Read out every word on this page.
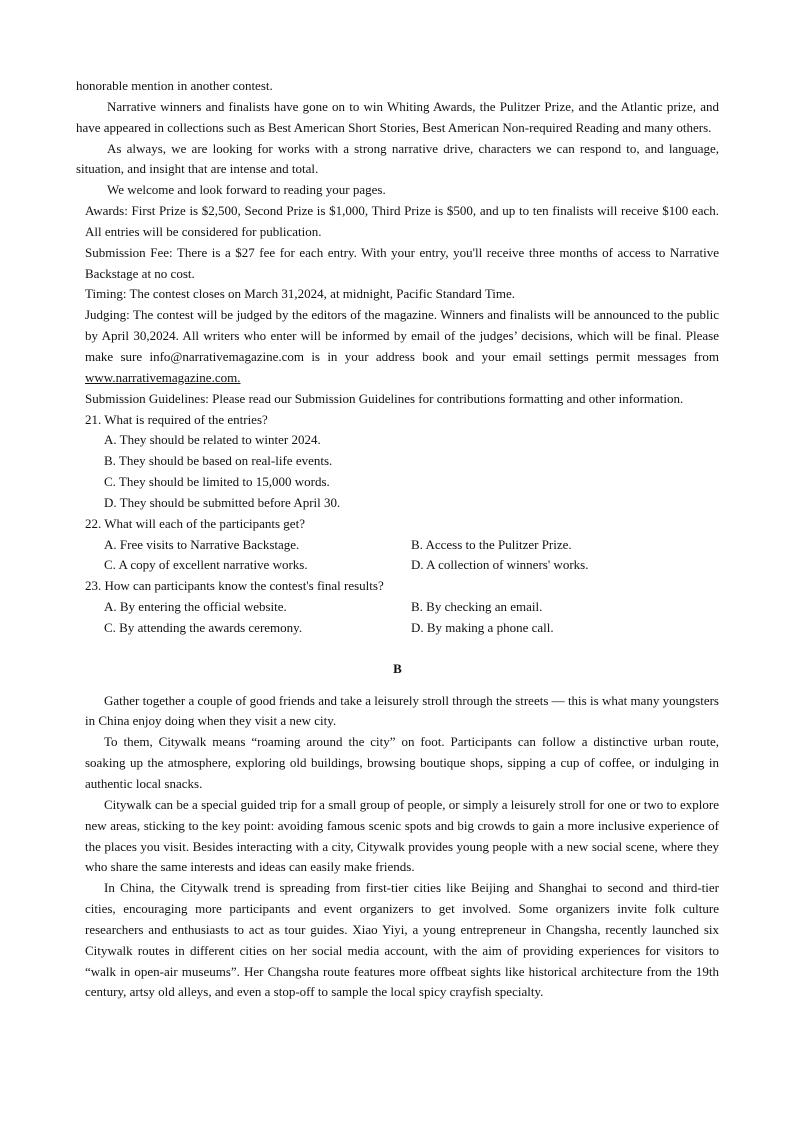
honorable mention in another contest.

Narrative winners and finalists have gone on to win Whiting Awards, the Pulitzer Prize, and the Atlantic prize, and have appeared in collections such as Best American Short Stories, Best American Non-required Reading and many others.

As always, we are looking for works with a strong narrative drive, characters we can respond to, and language, situation, and insight that are intense and total.

We welcome and look forward to reading your pages.

Awards: First Prize is $2,500, Second Prize is $1,000, Third Prize is $500, and up to ten finalists will receive $100 each. All entries will be considered for publication.

Submission Fee: There is a $27 fee for each entry. With your entry, you'll receive three months of access to Narrative Backstage at no cost.

Timing: The contest closes on March 31,2024, at midnight, Pacific Standard Time.

Judging: The contest will be judged by the editors of the magazine. Winners and finalists will be announced to the public by April 30,2024. All writers who enter will be informed by email of the judges’ decisions, which will be final. Please make sure info@narrativemagazine.com is in your address book and your email settings permit messages from www.narrativemagazine.com.

Submission Guidelines: Please read our Submission Guidelines for contributions formatting and other information.

21. What is required of the entries?
A. They should be related to winter 2024.
B. They should be based on real-life events.
C. They should be limited to 15,000 words.
D. They should be submitted before April 30.
22. What will each of the participants get?
A. Free visits to Narrative Backstage.	B. Access to the Pulitzer Prize.
C. A copy of excellent narrative works.	D. A collection of winners' works.
23. How can participants know the contest's final results?
A. By entering the official website.	B. By checking an email.
C. By attending the awards ceremony.	D. By making a phone call.
B

Gather together a couple of good friends and take a leisurely stroll through the streets — this is what many youngsters in China enjoy doing when they visit a new city.

To them, Citywalk means “roaming around the city” on foot. Participants can follow a distinctive urban route, soaking up the atmosphere, exploring old buildings, browsing boutique shops, sipping a cup of coffee, or indulging in authentic local snacks.

Citywalk can be a special guided trip for a small group of people, or simply a leisurely stroll for one or two to explore new areas, sticking to the key point: avoiding famous scenic spots and big crowds to gain a more inclusive experience of the places you visit. Besides interacting with a city, Citywalk provides young people with a new social scene, where they who share the same interests and ideas can easily make friends.

In China, the Citywalk trend is spreading from first-tier cities like Beijing and Shanghai to second and third-tier cities, encouraging more participants and event organizers to get involved. Some organizers invite folk culture researchers and enthusiasts to act as tour guides. Xiao Yiyi, a young entrepreneur in Changsha, recently launched six Citywalk routes in different cities on her social media account, with the aim of providing experiences for visitors to “walk in open-air museums”. Her Changsha route features more offbeat sights like historical architecture from the 19th century, artsy old alleys, and even a stop-off to sample the local spicy crayfish specialty.
